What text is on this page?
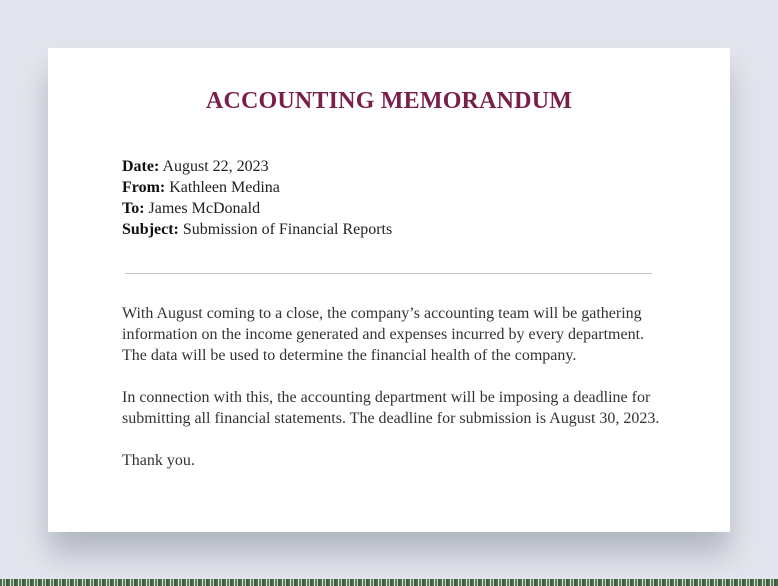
ACCOUNTING MEMORANDUM
Date: August 22, 2023
From: Kathleen Medina
To: James McDonald
Subject: Submission of Financial Reports

With August coming to a close, the company’s accounting team will be gathering information on the income generated and expenses incurred by every department. The data will be used to determine the financial health of the company.

In connection with this, the accounting department will be imposing a deadline for submitting all financial statements. The deadline for submission is August 30, 2023.

Thank you.
